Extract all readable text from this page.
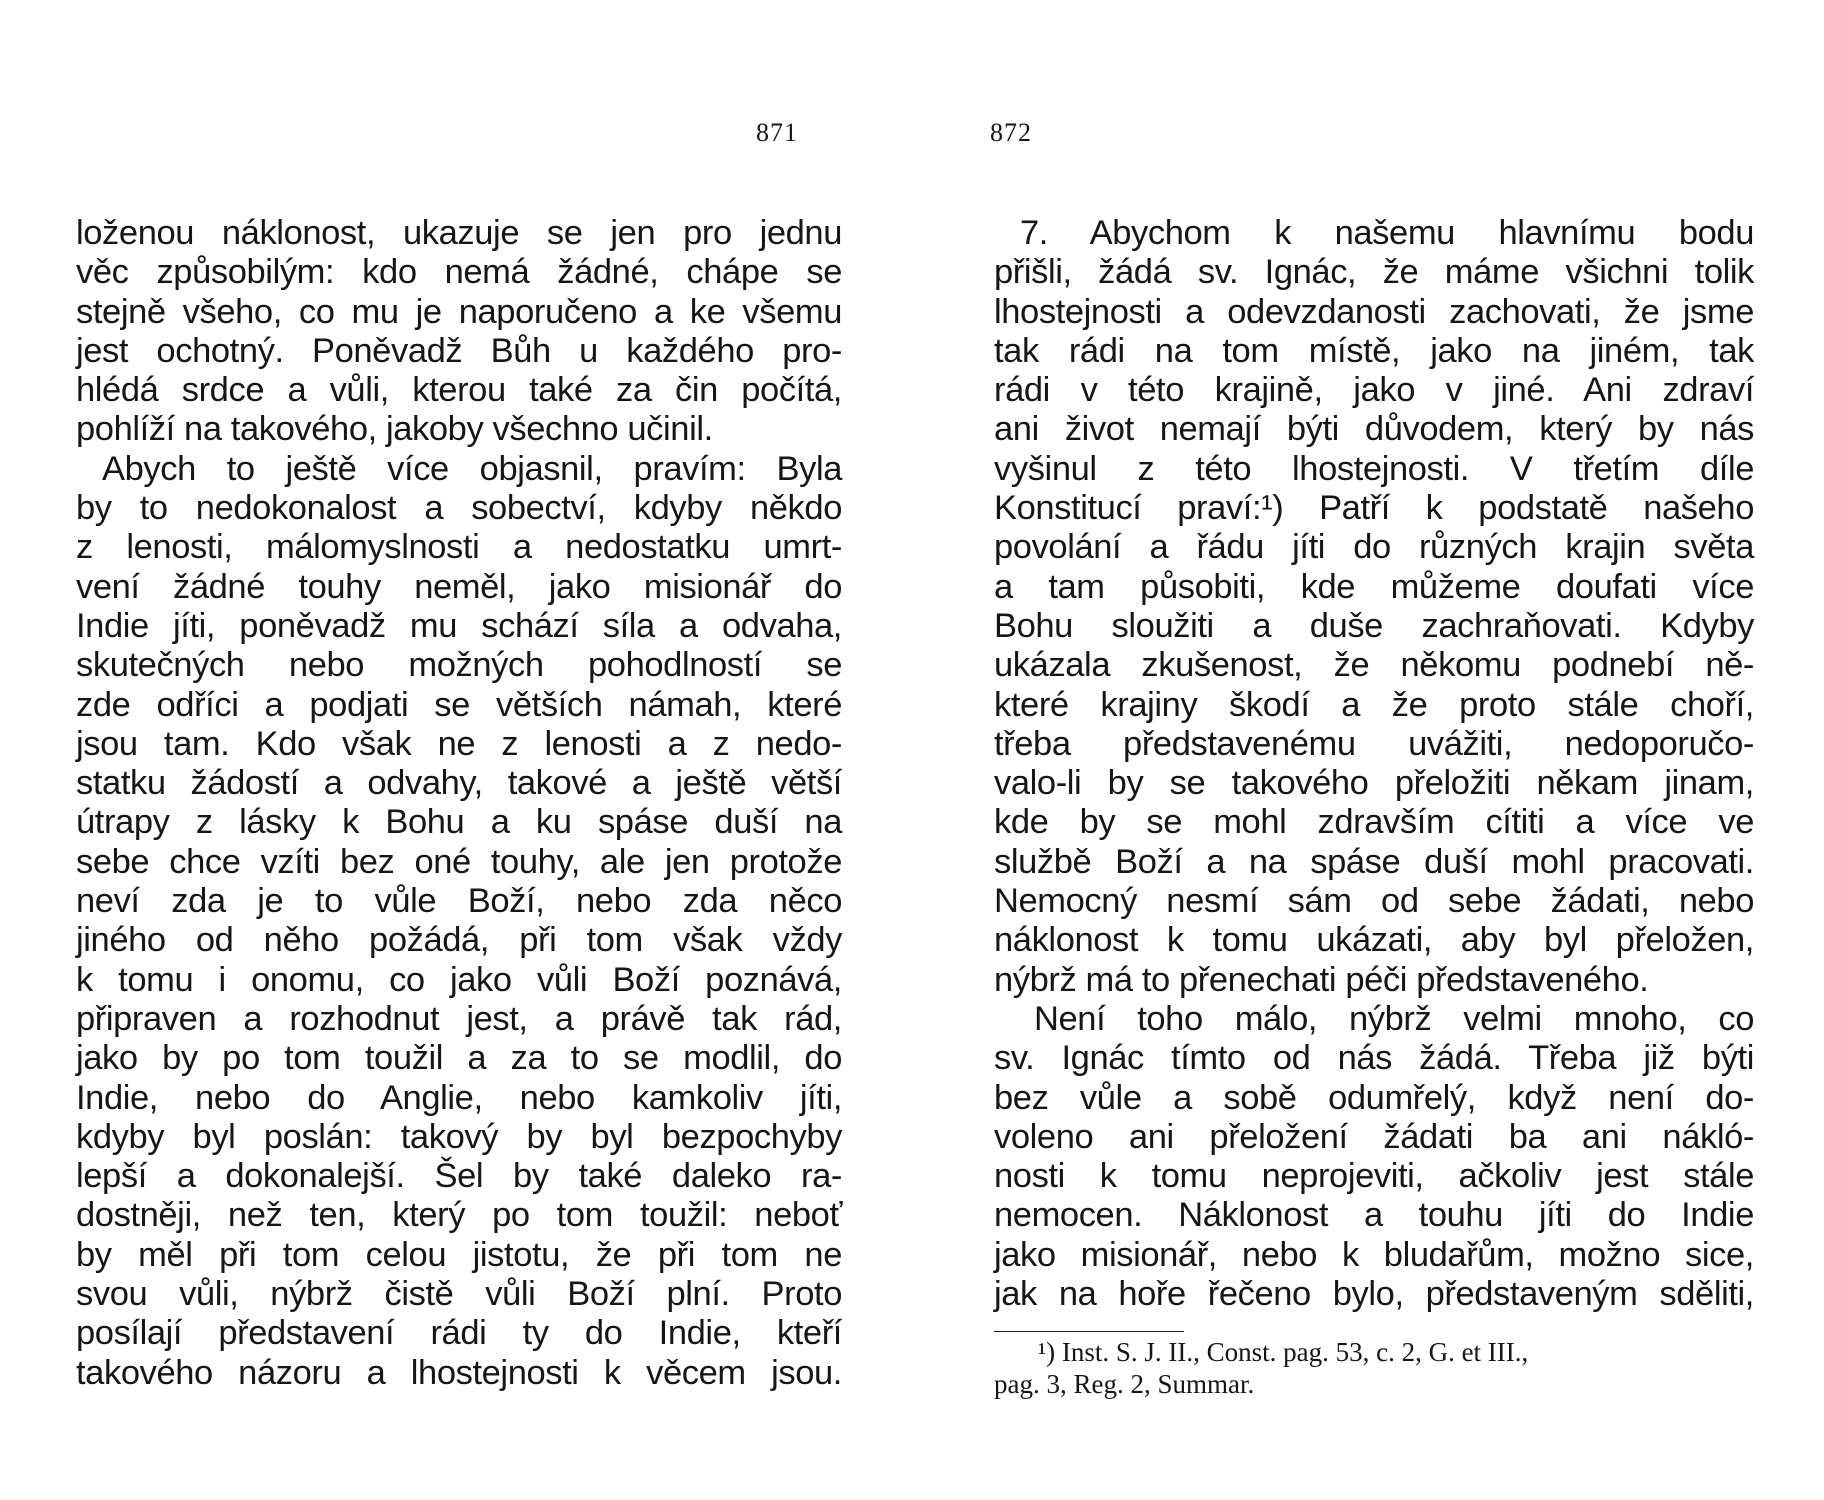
871	872

loženou náklonost, ukazuje se jen pro jednu

věc způsobilým: kdo nemá žádné, chápe se

stejně všeho, co mu je naporučeno a ke všemu

jest ochotný. Poněvadž Bůh u každého pro-

hlédá srdce a vůli, kterou také za čin počítá,

pohlíží na takového, jakoby všechno učinil.

Abych to ještě více objasnil, pravím: Byla

by to nedokonalost a sobectví, kdyby někdo

z lenosti, málomyslnosti a nedostatku umrt-

vení žádné touhy neměl, jako misionář do

Indie jíti, poněvadž mu schází síla a odvaha,

skutečných nebo možných pohodlností se

zde odříci a podjati se větších námah, které

jsou tam. Kdo však ne z lenosti a z nedo-

statku žádostí a odvahy, takové a ještě větší

útrapy z lásky k Bohu a ku spáse duší na

sebe chce vzíti bez oné touhy, ale jen protože

neví zda je to vůle Boží, nebo zda něco

jiného od něho požádá, při tom však vždy

k tomu i onomu, co jako vůli Boží poznává,

připraven a rozhodnut jest, a právě tak rád,

jako by po tom toužil a za to se modlil, do

Indie, nebo do Anglie, nebo kamkoliv jíti,

kdyby byl poslán: takový by byl bezpochyby

lepší a dokonalejší. Šel by také daleko ra-

dostněji, než ten, který po tom toužil: neboť

by měl při tom celou jistotu, že při tom ne

svou vůli, nýbrž čistě vůli Boží plní. Proto

posílají představení rádi ty do Indie, kteří

takového názoru a lhostejnosti k věcem jsou.

7. Abychom k našemu hlavnímu bodu

přišli, žádá sv. Ignác, že máme všichni tolik

lhostejnosti a odevzdanosti zachovati, že jsme

tak rádi na tom místě, jako na jiném, tak

rádi v této krajině, jako v jiné. Ani zdraví

ani život nemají býti důvodem, který by nás

vyšinul z této lhostejnosti. V třetím díle

Konstitucí praví:¹) Patří k podstatě našeho

povolání a řádu jíti do různých krajin světa

a tam působiti, kde můžeme doufati více

Bohu sloužiti a duše zachraňovati. Kdyby

ukázala zkušenost, že někomu podnebí ně-

které krajiny škodí a že proto stále choří,

třeba představenému uvážiti, nedoporučo-

valo-li by se takového přeložiti někam jinam,

kde by se mohl zdravším cítiti a více ve

službě Boží a na spáse duší mohl pracovati.

Nemocný nesmí sám od sebe žádati, nebo

náklonost k tomu ukázati, aby byl přeložen,

nýbrž má to přenechati péči představeného.

Není toho málo, nýbrž velmi mnoho, co

sv. Ignác tímto od nás žádá. Třeba již býti

bez vůle a sobě odumřelý, když není do-

voleno ani přeložení žádati ba ani nákló-

nosti k tomu neprojeviti, ačkoliv jest stále

nemocen. Náklonost a touhu jíti do Indie

jako misionář, nebo k bludařům, možno sice,

jak na hoře řečeno bylo, představeným sděliti,

¹) Inst. S. J. II., Const. pag. 53, c. 2, G. et III.,

pag. 3, Reg. 2, Summar.
